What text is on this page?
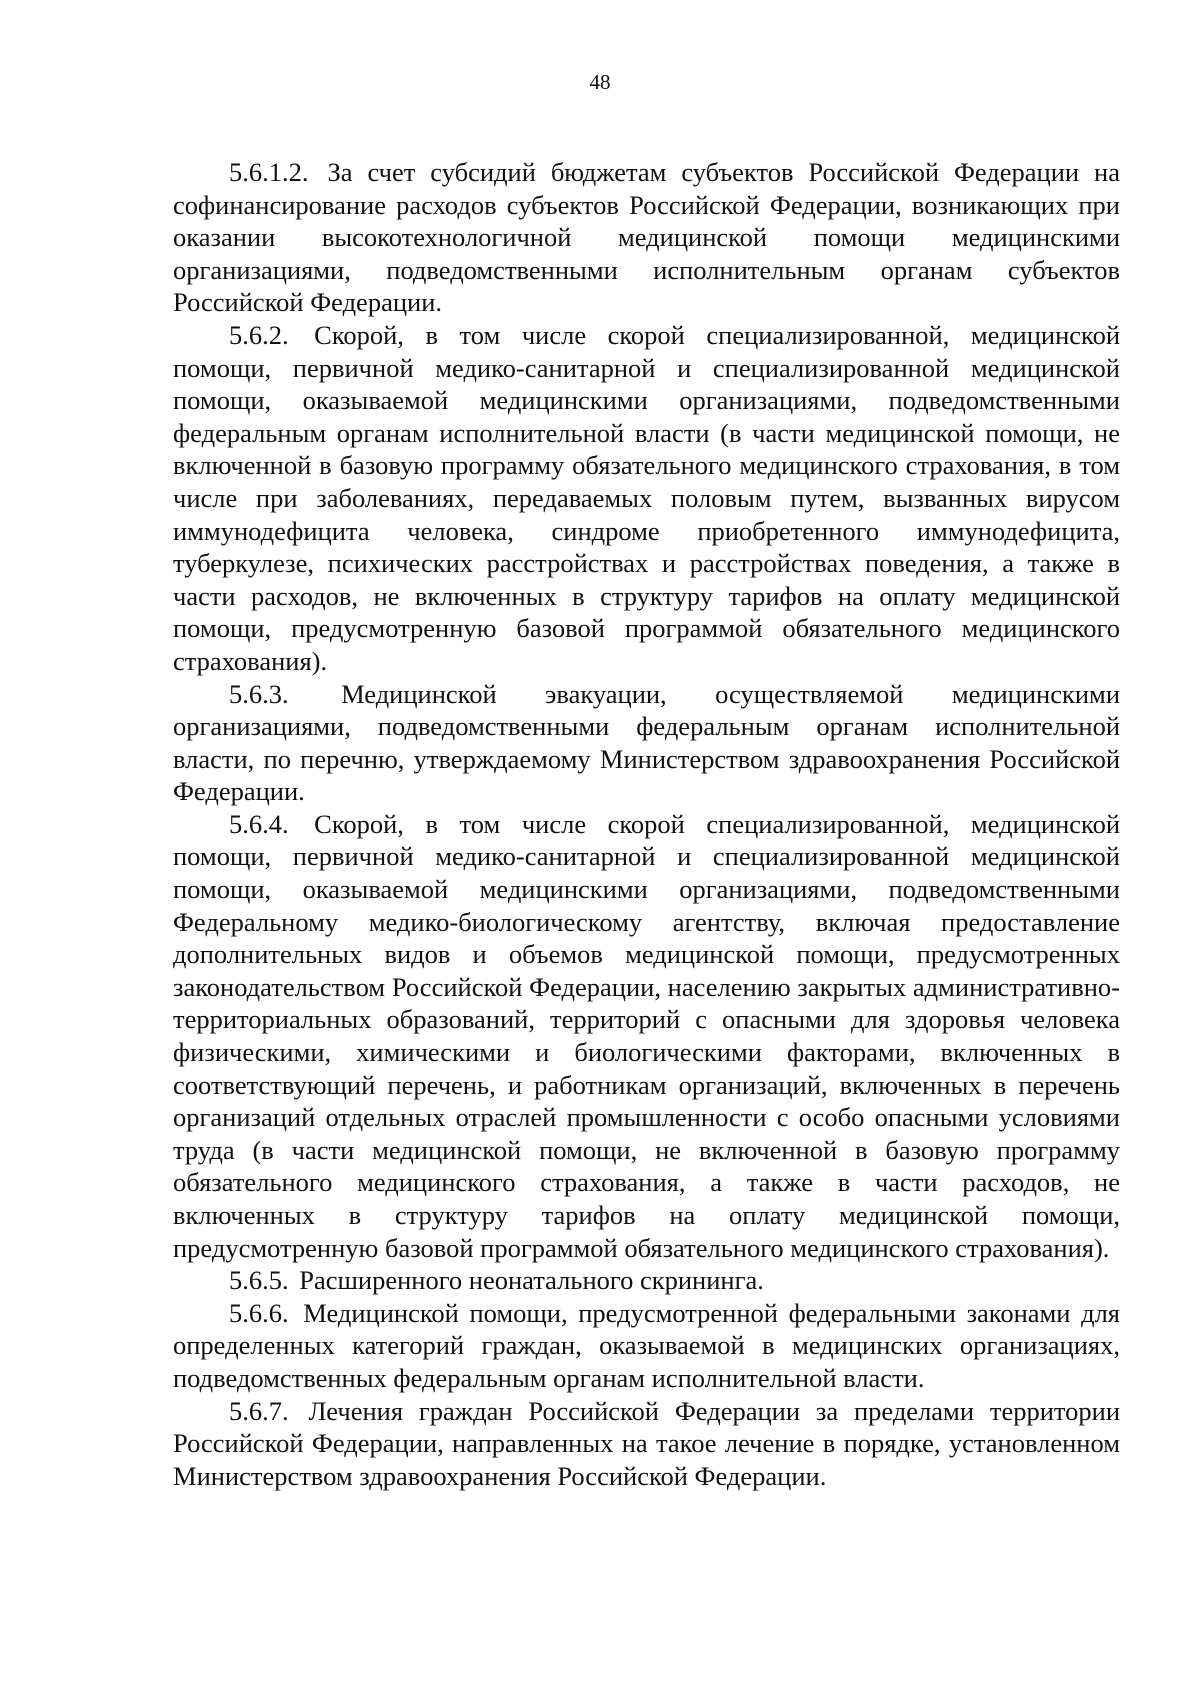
48

5.6.1.2. За счет субсидий бюджетам субъектов Российской Федерации на софинансирование расходов субъектов Российской Федерации, возникающих при оказании высокотехнологичной медицинской помощи медицинскими организациями, подведомственными исполнительным органам субъектов Российской Федерации.

5.6.2. Скорой, в том числе скорой специализированной, медицинской помощи, первичной медико-санитарной и специализированной медицинской помощи, оказываемой медицинскими организациями, подведомственными федеральным органам исполнительной власти (в части медицинской помощи, не включенной в базовую программу обязательного медицинского страхования, в том числе при заболеваниях, передаваемых половым путем, вызванных вирусом иммунодефицита человека, синдроме приобретенного иммунодефицита, туберкулезе, психических расстройствах и расстройствах поведения, а также в части расходов, не включенных в структуру тарифов на оплату медицинской помощи, предусмотренную базовой программой обязательного медицинского страхования).

5.6.3. Медицинской эвакуации, осуществляемой медицинскими организациями, подведомственными федеральным органам исполнительной власти, по перечню, утверждаемому Министерством здравоохранения Российской Федерации.

5.6.4. Скорой, в том числе скорой специализированной, медицинской помощи, первичной медико-санитарной и специализированной медицинской помощи, оказываемой медицинскими организациями, подведомственными Федеральному медико-биологическому агентству, включая предоставление дополнительных видов и объемов медицинской помощи, предусмотренных законодательством Российской Федерации, населению закрытых административно-территориальных образований, территорий с опасными для здоровья человека физическими, химическими и биологическими факторами, включенных в соответствующий перечень, и работникам организаций, включенных в перечень организаций отдельных отраслей промышленности с особо опасными условиями труда (в части медицинской помощи, не включенной в базовую программу обязательного медицинского страхования, а также в части расходов, не включенных в структуру тарифов на оплату медицинской помощи, предусмотренную базовой программой обязательного медицинского страхования).

5.6.5. Расширенного неонатального скрининга.

5.6.6. Медицинской помощи, предусмотренной федеральными законами для определенных категорий граждан, оказываемой в медицинских организациях, подведомственных федеральным органам исполнительной власти.

5.6.7. Лечения граждан Российской Федерации за пределами территории Российской Федерации, направленных на такое лечение в порядке, установленном Министерством здравоохранения Российской Федерации.
